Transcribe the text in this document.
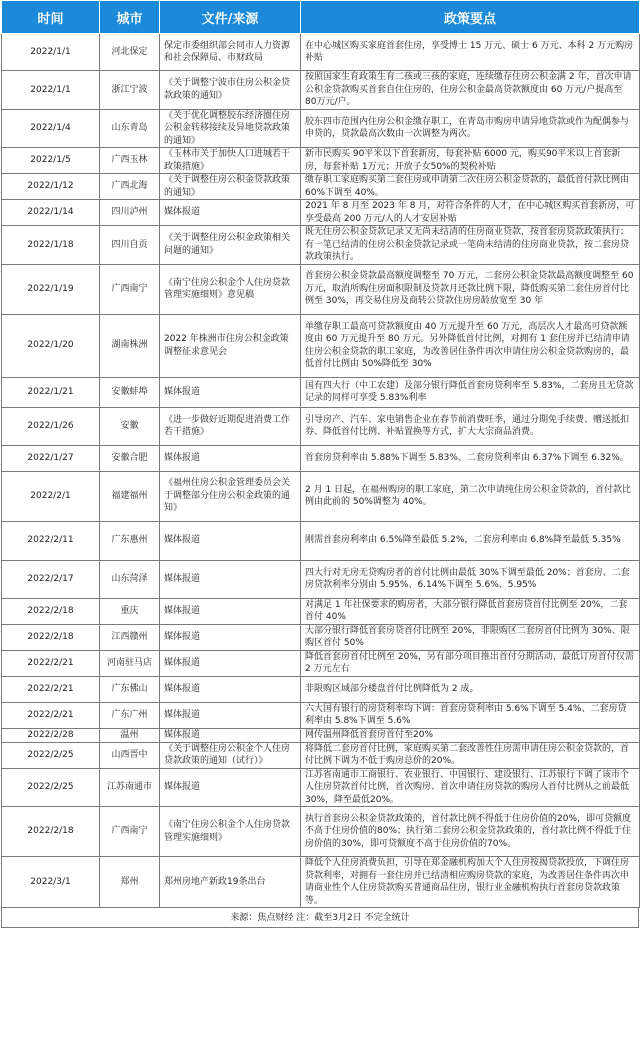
时间	城市	文件/来源	政策要点
2022/1/1	河北保定	保定市委组织部会同市人力资源和社会保障局、市财政局	在中心城区购买家庭首套住房，享受博士 15 万元、硕士 6 万元、本科 2 万元购房补贴
2022/1/1	浙江宁波	《关于调整宁波市住房公积金贷款政策的通知》	按照国家生育政策生育二孩或三孩的家庭，连续缴存住房公积金满 2 年，首次申请公积金贷款购买首套自住住房的，住房公积金最高贷款额度由 60 万元/户提高至 80万元/户。
2022/1/4	山东青岛	《关于优化调整胶东经济圈住房公积金转移接续及异地贷款政策的通知》	胶东四市范围内住房公积金缴存职工，在青岛市购房申请异地贷款或作为配偶参与申贷的，贷款最高次数由一次调整为两次。
2022/1/5	广西玉林	《玉林市关于加快人口进城若干政策措施》	新市民购买 90平米以下首套新房，每套补贴 6000 元，购买90平米以上首套新房，每套补贴 1万元；开放子女50%的契税补贴
2022/1/12	广西北海	《关于调整住房公积金贷款政策的通知》	缴存职工家庭购买第二套住房或申请第二次住房公积金贷款的，最低首付款比例由 60%下调至 40%。
2022/1/14	四川泸州	媒体报道	2021 年 8 月至 2023 年 8 月，对符合条件的人才，在中心城区购买首套新房，可享受最高 200 万元/人的人才安居补贴
2022/1/18	四川自贡	《关于调整住房公积金政策相关问题的通知》	既无住房公积金贷款记录又无尚未结清的住房商业贷款，按首套房贷款政策执行；有一笔已结清的住房公积金贷款记录或一笔尚未结清的住房商业贷款，按二套房贷款政策执行。
2022/1/19	广西南宁	《南宁住房公积金个人住房贷款管理实施细则》意见稿	首套房公积金贷款最高额度调整至 70 万元，二套房公积金贷款最高额度调整至 60 万元，取消所购住房面积限制及贷款月还款比例下限，降低购买第二套住房首付比例至 30%，再交易住房及商转公贷款住房房龄放宽至 30 年
2022/1/20	湖南株洲	2022 年株洲市住房公积金政策调整征求意见会	单缴存职工最高可贷款额度由 40 万元提升至 60 万元，高层次人才最高可贷款额度由 60 万元提升至 80 万元。另外降低首付比例，对拥有 1 套住房并已结清申请住房公积金贷款的职工家庭，为改善居住条件再次申请住房公积金贷款购房的，最低首付比例由 50%降低至 30%
2022/1/21	安徽蚌埠	媒体报道	国有四大行（中工农建）及部分银行降低首套房贷利率至 5.83%，二套房且无贷款记录的同样可享受 5.83%利率
2022/1/26	安徽	《进一步做好近期促进消费工作若干措施》	引导房产、汽车、家电销售企业在春节前消费旺季，通过分期免手续费、赠送抵扣券、降低首付比例、补贴置换等方式，扩大大宗商品消费。
2022/1/27	安徽合肥	媒体报道	首套房贷利率由 5.88%下调至 5.83%、二套房贷利率由 6.37%下调至 6.32%。
2022/2/1	福建福州	《福州住房公积金管理委员会关于调整部分住房公积金政策的通知》	2 月 1 日起，在福州购房的职工家庭，第二次申请纯住房公积金贷款的，首付款比例由此前的 50%调整为 40%。
2022/2/11	广东惠州	媒体报道	刚需首套房利率由 6.5%降至最低 5.2%，二套房利率由 6.8%降至最低 5.35%
2022/2/17	山东菏泽	媒体报道	四大行对无房无贷购房者的首付比例由最低 30%下调至最低 20%；首套房、二套房贷款利率分别由 5.95%、6.14%下调至 5.6%、5.95%
2022/2/18	重庆	媒体报道	对满足 1 年社保要求的购房者，大部分银行降低首套房贷首付比例至 20%，二套首付 40%
2022/2/18	江西赣州	媒体报道	大部分银行降低首套房贷首付比例至 20%，非限购区二套房首付比例为 30%、限购区首付 50%
2022/2/21	河南驻马店	媒体报道	降低首套房首付比例至 20%，另有部分项目推出首付分期活动，最低订房首付仅需 2 万元左右
2022/2/21	广东佛山	媒体报道	非限购区域部分楼盘首付比例降低为 2 成。
2022/2/21	广东广州	媒体报道	六大国有银行的房贷利率均下调：首套房贷利率由 5.6%下调至 5.4%、二套房贷利率由 5.8%下调至 5.6%
2022/2/28	温州	媒体报道	网传温州降低首套房首付至20%
2022/2/25	山西晋中	《关于调整住房公积金个人住房贷款政策的通知（试行）》	将降低二套房首付比例，家庭购买第二套改善性住房需申请住房公积金贷款的，首付比例下调为不低于购房总价的20%。
2022/2/25	江苏南通市	媒体报道	江苏省南通市工商银行、农业银行、中国银行、建设银行、江苏银行下调了该市个人住房贷款首付比例，首次购房、首次申请住房贷款的购房人首付比例从之前最低30%，降至最低20%。
2022/2/18	广西南宁	《南宁住房公积金个人住房贷款管理实施细则》	执行首套房公积金贷款政策的，首付款比例不得低于住房价值的20%，即可贷额度不高于住房价值的80%；执行第二套房公积金贷款政策的，首付款比例不得低于住房价值的30%，即可贷额度不高于住房价值的70%。
2022/3/1	郑州	郑州房地产新政19条出台	降低个人住房消费负担，引导在郑金融机构加大个人住房按揭贷款投放，下调住房贷款利率，对拥有一套住房并已结清相应购房贷款的家庭，为改善居住条件再次申请商业性个人住房贷款购买普通商品住房，银行业金融机构执行首套房贷款政策等。
来源：焦点财经 注：截至3月2日 不完全统计
